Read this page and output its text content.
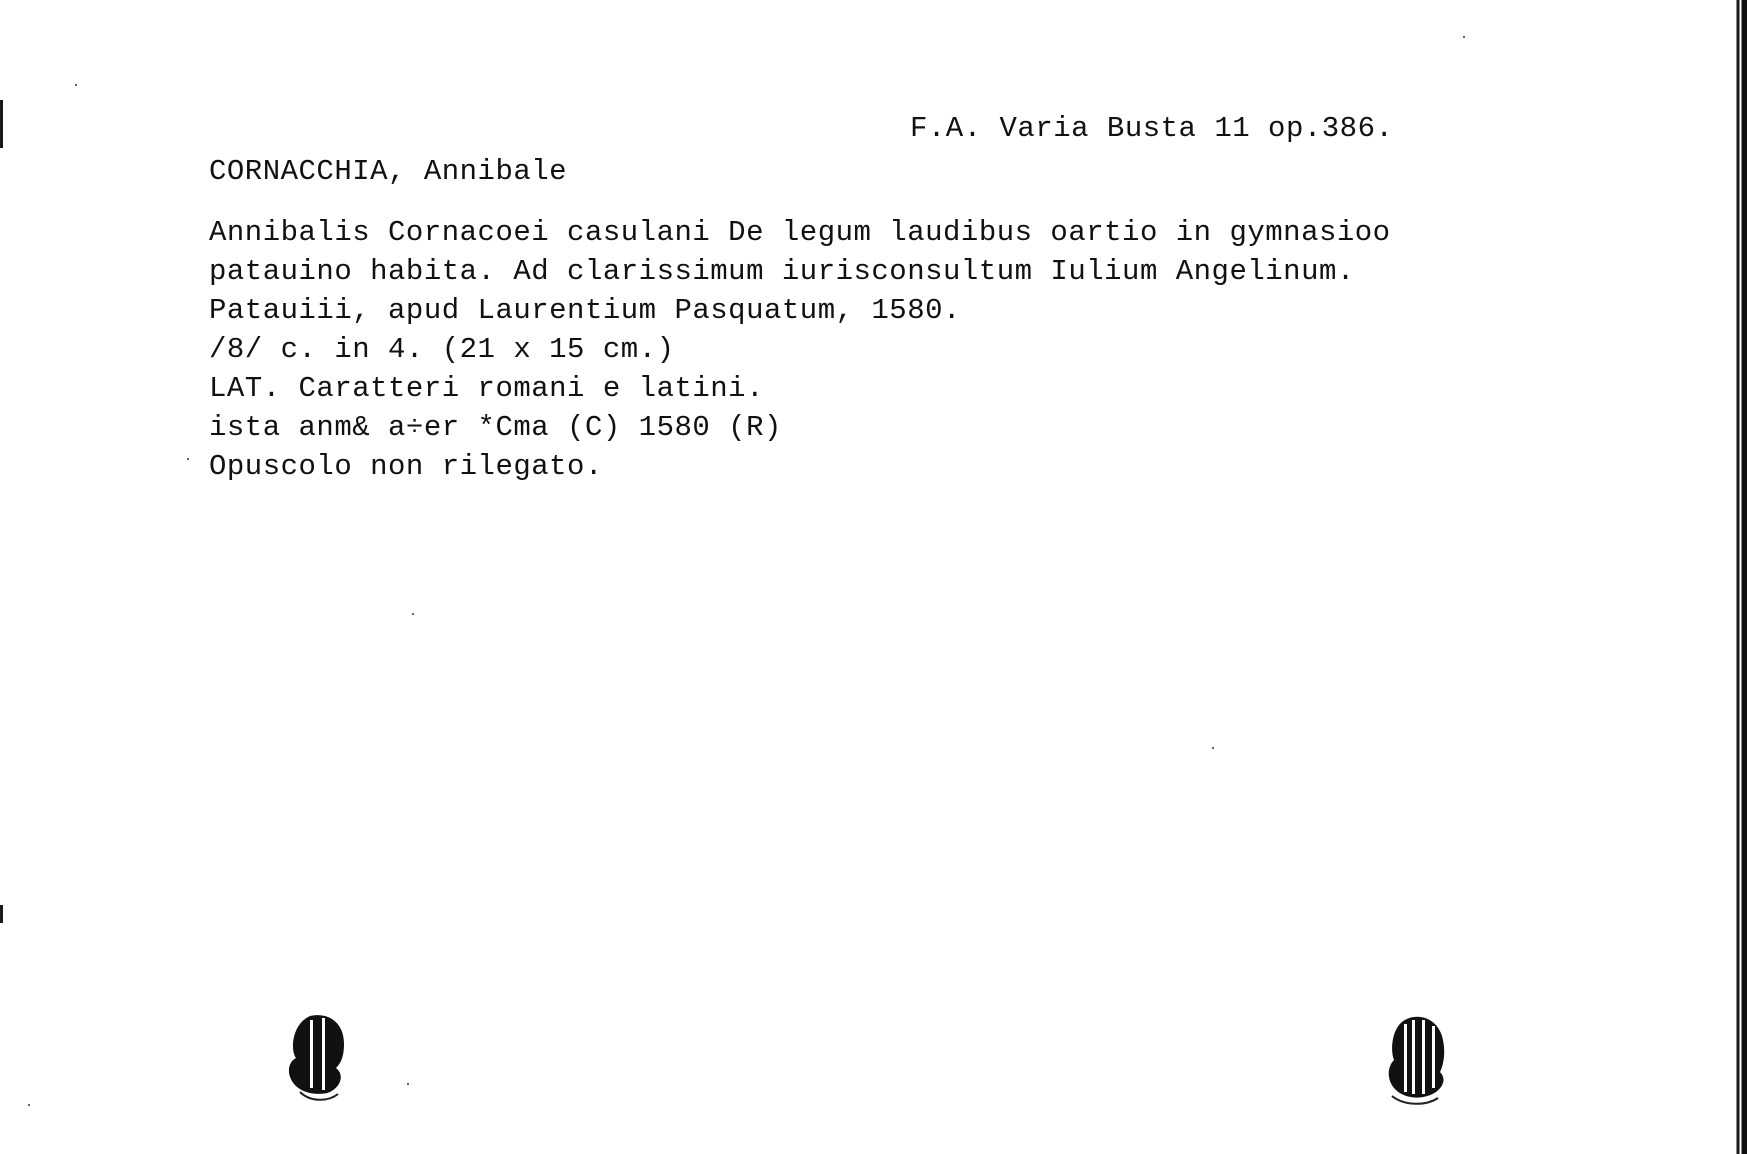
F.A. Varia Busta 11 op.386.
CORNACCHIA, Annibale
Annibalis Cornacoei casulani De legum laudibus oartio in gymnasioo
patauino habita. Ad clarissimum iurisconsultum Iulium Angelinum.
Patauiii, apud Laurentium Pasquatum, 1580.
/8/ c. in 4. (21 x 15 cm.)
LAT. Caratteri romani e latini.
ista anm& a÷er *Cma (C) 1580 (R)
Opuscolo non rilegato.
